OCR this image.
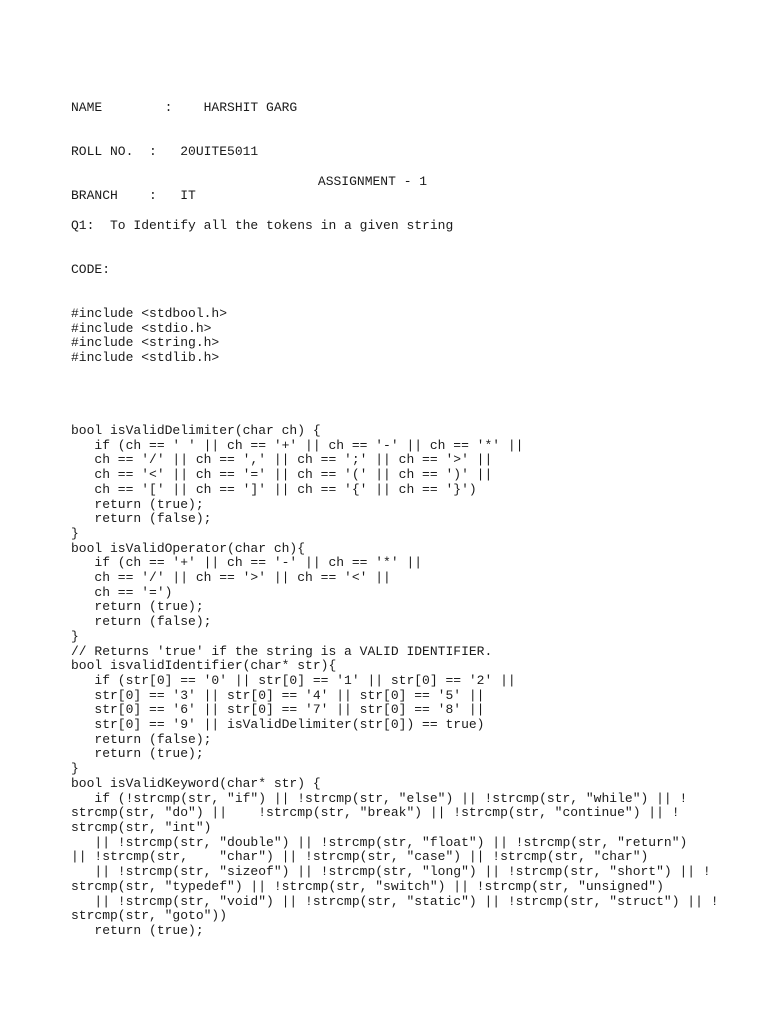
NAME        :    HARSHIT GARG

ROLL NO.  :   20UITE5011

BRANCH    :   IT

ASSIGNMENT - 1
Q1:  To Identify all the tokens in a given string
CODE:
#include <stdbool.h>
#include <stdio.h>
#include <string.h>
#include <stdlib.h>
bool isValidDelimiter(char ch) {
if (ch == ' ' || ch == '+' || ch == '-' || ch == '*' ||
ch == '/' || ch == ',' || ch == ';' || ch == '>' ||
ch == '<' || ch == '=' || ch == '(' || ch == ')' ||
ch == '[' || ch == ']' || ch == '{' || ch == '}')
return (true);
return (false);
}
bool isValidOperator(char ch){
if (ch == '+' || ch == '-' || ch == '*' ||
ch == '/' || ch == '>' || ch == '<' ||
ch == '=')
return (true);
return (false);
}
// Returns 'true' if the string is a VALID IDENTIFIER.
bool isvalidIdentifier(char* str){
if (str[0] == '0' || str[0] == '1' || str[0] == '2' ||
str[0] == '3' || str[0] == '4' || str[0] == '5' ||
str[0] == '6' || str[0] == '7' || str[0] == '8' ||
str[0] == '9' || isValidDelimiter(str[0]) == true)
return (false);
return (true);
}
bool isValidKeyword(char* str) {
if (!strcmp(str, "if") || !strcmp(str, "else") || !strcmp(str, "while") || !
strcmp(str, "do") ||    !strcmp(str, "break") || !strcmp(str, "continue") || !
strcmp(str, "int")
|| !strcmp(str, "double") || !strcmp(str, "float") || !strcmp(str, "return")
|| !strcmp(str,    "char") || !strcmp(str, "case") || !strcmp(str, "char")
|| !strcmp(str, "sizeof") || !strcmp(str, "long") || !strcmp(str, "short") || !
strcmp(str, "typedef") || !strcmp(str, "switch") || !strcmp(str, "unsigned")
|| !strcmp(str, "void") || !strcmp(str, "static") || !strcmp(str, "struct") || !
strcmp(str, "goto"))
return (true);
